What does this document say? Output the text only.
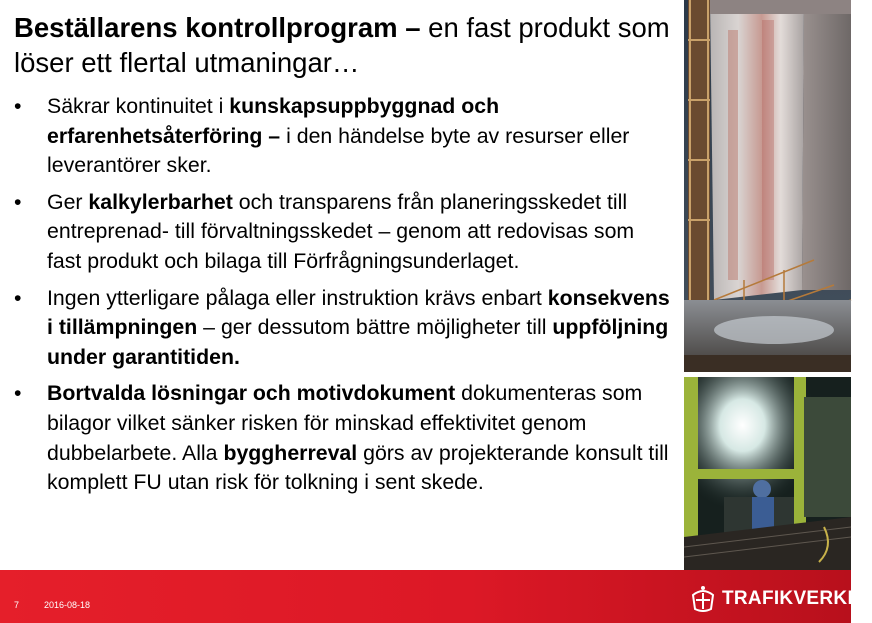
Beställarens kontrollprogram – en fast produkt som löser ett flertal utmaningar…
•	Säkrar kontinuitet i kunskapsuppbyggnad och erfarenhetsåterföring – i den händelse byte av resurser eller leverantörer sker.
•	Ger kalkylerbarhet och transparens från planeringsskedet till entreprenad- till förvaltningsskedet – genom att redovisas som fast produkt och bilaga till Förfrågningsunderlaget.
•	Ingen ytterligare pålaga eller instruktion krävs enbart konsekvens i tillämpningen – ger dessutom bättre möjligheter till uppföljning under garantitiden.
•	Bortvalda lösningar och motivdokument dokumenteras som bilagor vilket sänker risken för minskad effektivitet genom dubbelarbete. Alla byggherreval görs av projekterande konsult till komplett FU utan risk för tolkning i sent skede.
7	2016-08-18	TRAFIKVERKET
